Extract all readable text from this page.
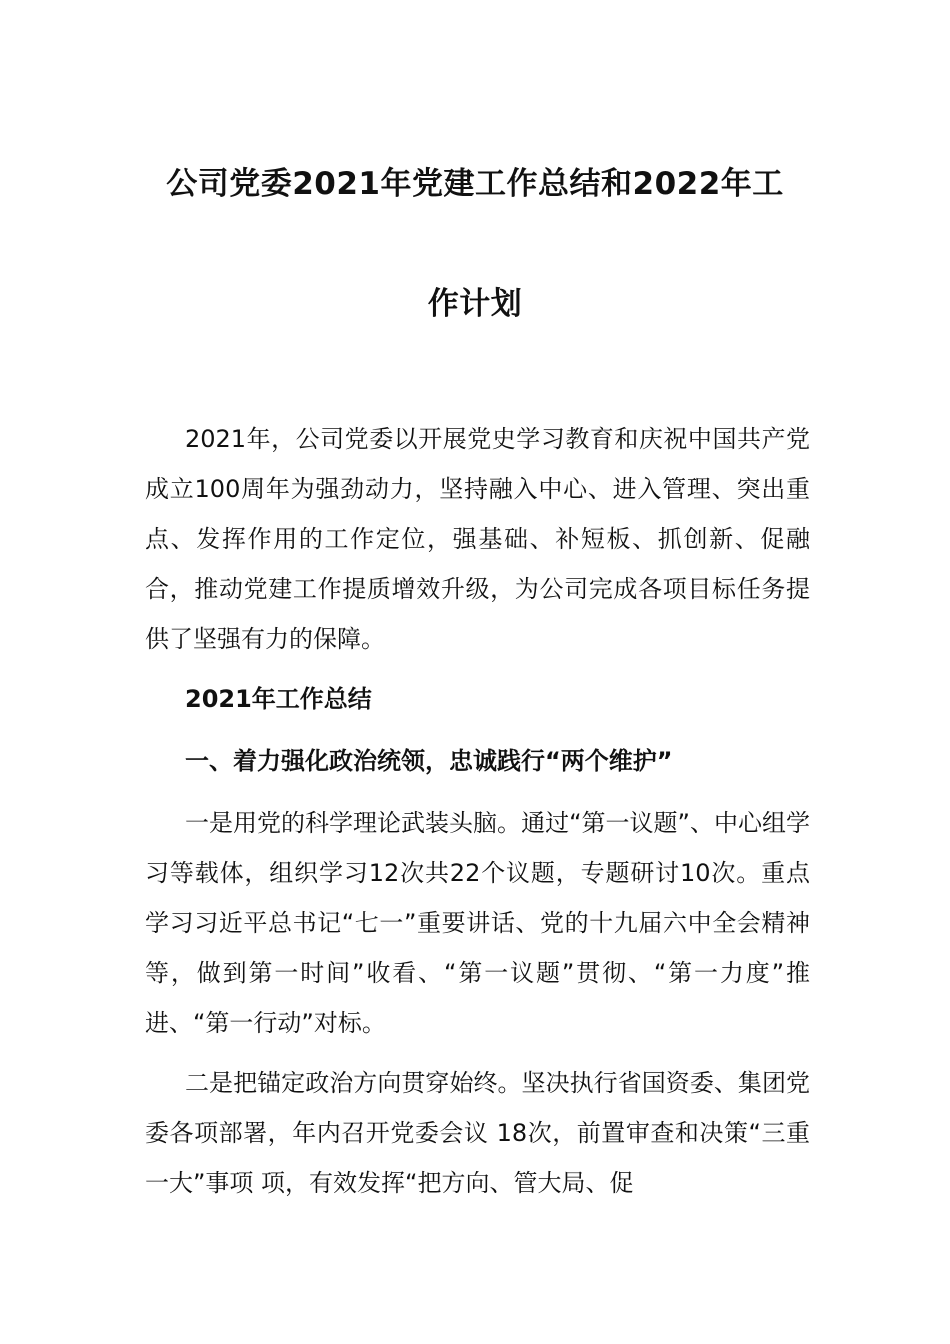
公司党委2021年党建工作总结和2022年工
作计划

2021年，公司党委以开展党史学习教育和庆祝中国共产党成立100周年为强劲动力，坚持融入中心、进入管理、突出重点、发挥作用的工作定位，强基础、补短板、抓创新、促融合，推动党建工作提质增效升级，为公司完成各项目标任务提供了坚强有力的保障。

2021年工作总结
一、着力强化政治统领，忠诚践行“两个维护”

一是用党的科学理论武装头脑。通过“第一议题”、中心组学习等载体，组织学习12次共22个议题，专题研讨10次。重点学习习近平总书记“七一”重要讲话、党的十九届六中全会精神等，做到第一时间”收看、“第一议题”贯彻、“第一力度”推进、“第一行动”对标。

二是把锚定政治方向贯穿始终。坚决执行省国资委、集团党委各项部署，年内召开党委会议 18次，前置审查和决策“三重一大”事项 项，有效发挥“把方向、管大局、促
